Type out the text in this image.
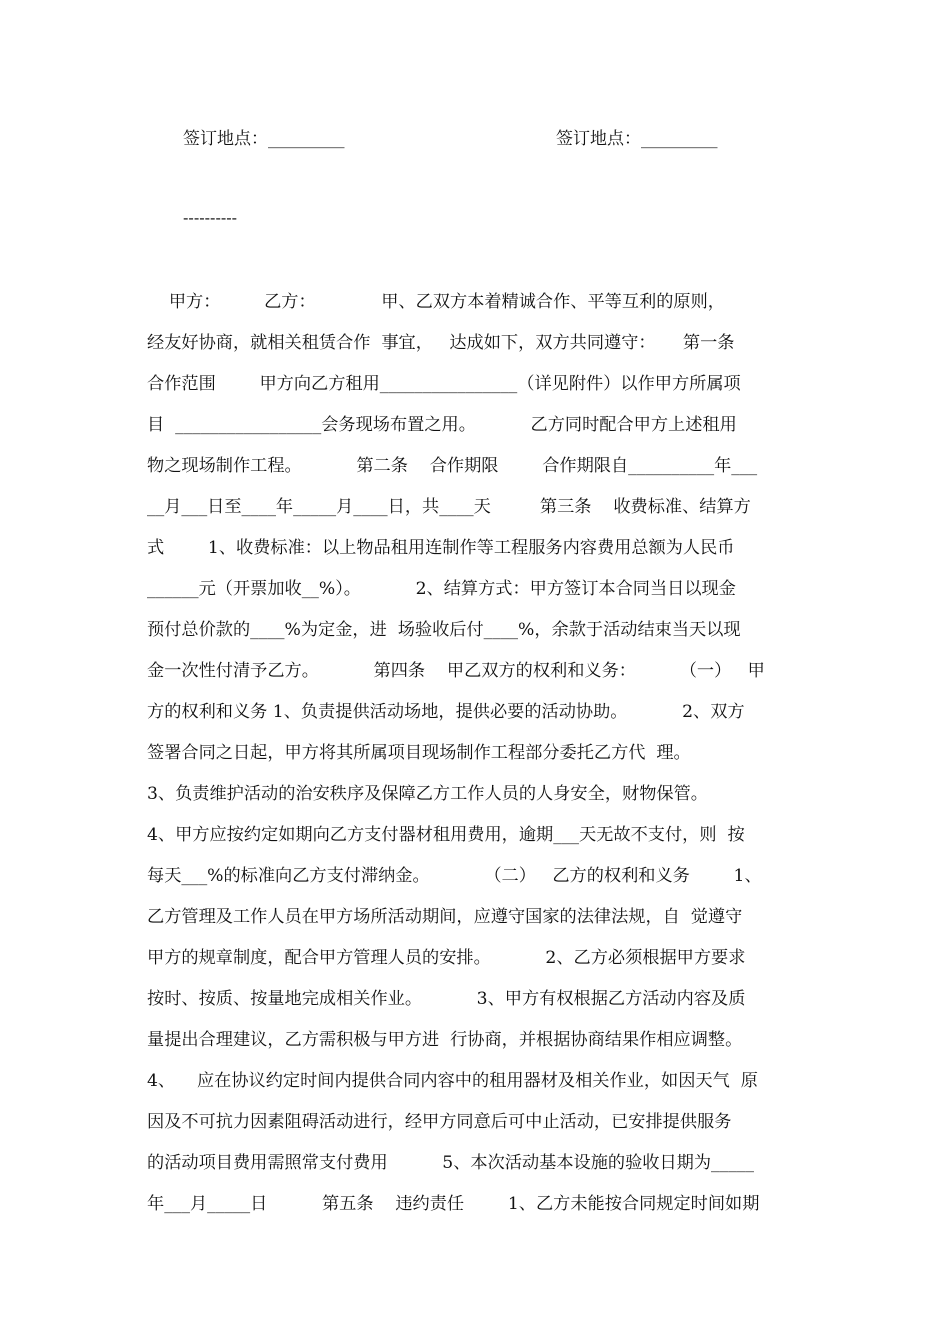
签订地点：_________	签订地点：_________
----------
甲方：        乙方：            甲、乙双方本着精诚合作、平等互利的原则，
经友好协商，就相关租赁合作  事宜，   达成如下，双方共同遵守：     第一条
合作范围        甲方向乙方租用________________（详见附件）以作甲方所属项
目  _________________会务现场布置之用。          乙方同时配合甲方上述租用
物之现场制作工程。          第二条    合作期限        合作期限自__________年___
__月___日至____年_____月____日，共____天         第三条    收费标准、结算方
式        1、收费标准：以上物品租用连制作等工程服务内容费用总额为人民币
______元（开票加收__%）。          2、结算方式：甲方签订本合同当日以现金
预付总价款的____%为定金，进  场验收后付____%，余款于活动结束当天以现
金一次性付清予乙方。          第四条    甲乙双方的权利和义务：        （一）   甲
方的权利和义务 1、负责提供活动场地，提供必要的活动协助。          2、双方
签署合同之日起，甲方将其所属项目现场制作工程部分委托乙方代  理。
3、负责维护活动的治安秩序及保障乙方工作人员的人身安全，财物保管。
4、甲方应按约定如期向乙方支付器材租用费用，逾期___天无故不支付，则  按
每天___%的标准向乙方支付滞纳金。          （二）   乙方的权利和义务        1、
乙方管理及工作人员在甲方场所活动期间，应遵守国家的法律法规，自  觉遵守
甲方的规章制度，配合甲方管理人员的安排。          2、乙方必须根据甲方要求
按时、按质、按量地完成相关作业。          3、甲方有权根据乙方活动内容及质
量提出合理建议，乙方需积极与甲方进  行协商，并根据协商结果作相应调整。
4、    应在协议约定时间内提供合同内容中的租用器材及相关作业，如因天气  原
因及不可抗力因素阻碍活动进行，经甲方同意后可中止活动，已安排提供服务
的活动项目费用需照常支付费用          5、本次活动基本设施的验收日期为_____
年___月_____日          第五条    违约责任        1、乙方未能按合同规定时间如期
